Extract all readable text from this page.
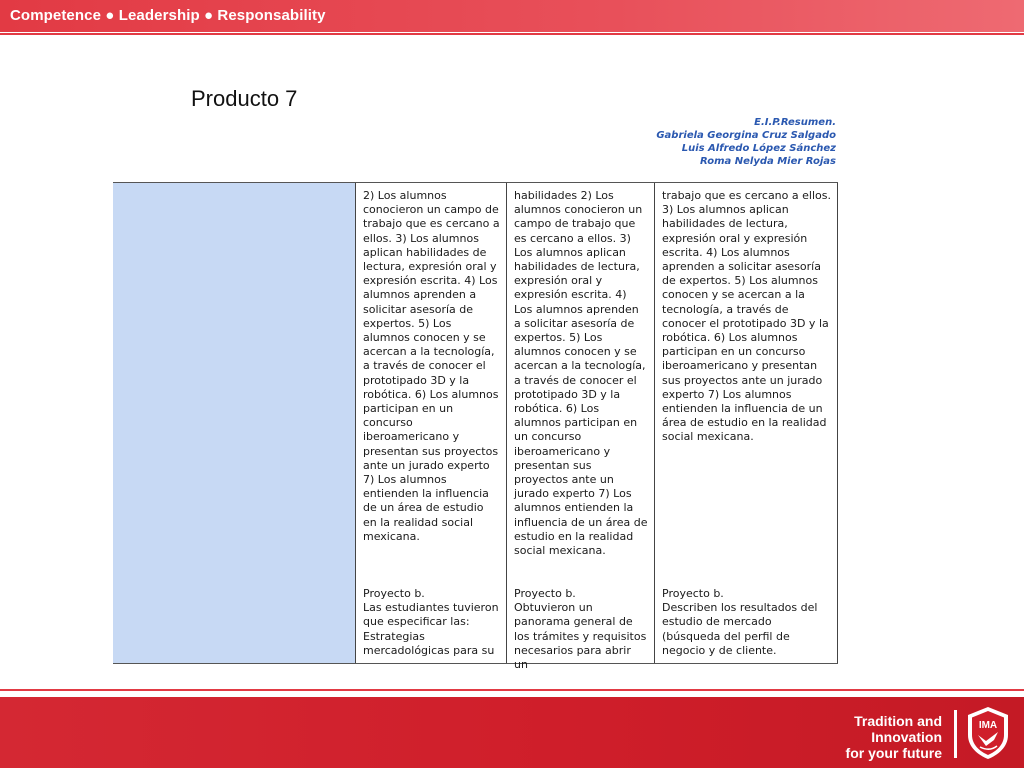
Competence ● Leadership ● Responsability
Producto 7
E.I.P.Resumen.
Gabriela Georgina Cruz Salgado
Luis Alfredo López Sánchez
Roma Nelyda Mier Rojas

2) Los alumnos conocieron un campo de trabajo que es cercano a ellos. 3) Los alumnos aplican habilidades de lectura, expresión oral y expresión escrita. 4) Los alumnos aprenden a solicitar asesoría de expertos. 5) Los alumnos conocen y se acercan a la tecnología, a través de conocer el prototipado 3D y la robótica. 6) Los alumnos participan en un concurso iberoamericano y presentan sus proyectos ante un jurado experto 7) Los alumnos entienden la influencia de un área de estudio en la realidad social mexicana.

Proyecto b.
Las estudiantes tuvieron que especificar las: Estrategias mercadológicas para su

habilidades 2) Los alumnos conocieron un campo de trabajo que es cercano a ellos. 3) Los alumnos aplican habilidades de lectura, expresión oral y expresión escrita. 4) Los alumnos aprenden a solicitar asesoría de expertos. 5) Los alumnos conocen y se acercan a la tecnología, a través de conocer el prototipado 3D y la robótica. 6) Los alumnos participan en un concurso iberoamericano y presentan sus proyectos ante un jurado experto 7) Los alumnos entienden la influencia de un área de estudio en la realidad social mexicana.

Proyecto b.
Obtuvieron un panorama general de los trámites y requisitos necesarios para abrir un

trabajo que es cercano a ellos. 3) Los alumnos aplican habilidades de lectura, expresión oral y expresión escrita. 4) Los alumnos aprenden a solicitar asesoría de expertos. 5) Los alumnos conocen y se acercan a la tecnología, a través de conocer el prototipado 3D y la robótica. 6) Los alumnos participan en un concurso iberoamericano y presentan sus proyectos ante un jurado experto 7) Los alumnos entienden la influencia de un área de estudio en la realidad social mexicana.

Proyecto b.
Describen los resultados del estudio de mercado (búsqueda del perfil de negocio y de cliente.

Tradition and
Innovation
for your future
IMA
